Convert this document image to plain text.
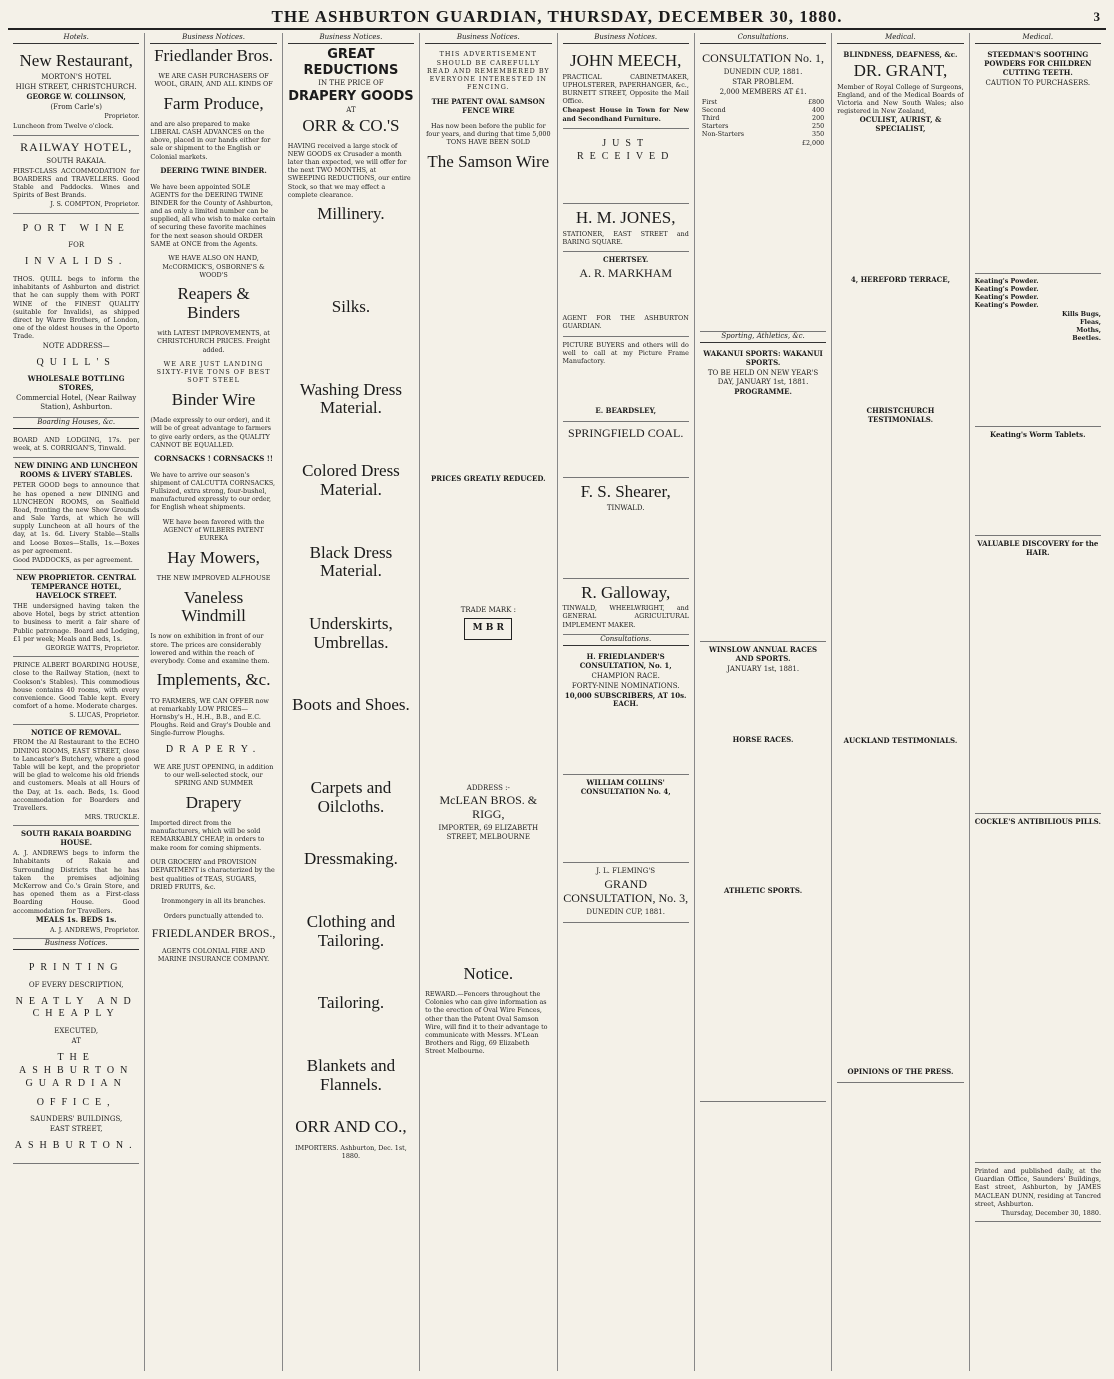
THE ASHBURTON GUARDIAN, THURSDAY, DECEMBER 30, 1880.	3
Hotels.
New Restaurant,
MORTON'S HOTEL
HIGH STREET, CHRISTCHURCH.
GEORGE W. COLLINSON,
(From Carle's)
Proprietor.

Luncheon from Twelve o'clock.

RAILWAY HOTEL,
SOUTH RAKAIA.

FIRST-CLASS ACCOMMODATION for BOARDERS and TRAVELLERS. Good Stable and Paddocks. Wines and Spirits of Best Brands.

J. S. COMPTON, Proprietor.
PORT WINE
FOR
INVALIDS.

THOS. QUILL begs to inform the inhabitants of Ashburton and district that he can supply them with PORT WINE of the FINEST QUALITY (suitable for Invalids), as shipped direct by Warre Brothers, of London, one of the oldest houses in the Oporto Trade.

NOTE ADDRESS—
QUILL'S
WHOLESALE BOTTLING STORES,
Commercial Hotel, (Near Railway Station), Ashburton.
Boarding Houses, &c.

BOARD AND LODGING, 17s. per week, at S. CORRIGAN'S, Tinwald.

NEW DINING AND LUNCHEON ROOMS & LIVERY STABLES.

PETER GOOD begs to announce that he has opened a new DINING and LUNCHEON ROOMS, on Sealfield Road, fronting the new Show Grounds and Sale Yards, at which he will supply Luncheon at all hours of the day, at 1s. 6d. Livery Stable—Stalls and Loose Boxes—Stalls, 1s.—Boxes as per agreement.

Good PADDOCKS, as per agreement.

NEW PROPRIETOR. CENTRAL TEMPERANCE HOTEL, HAVELOCK STREET.

THE undersigned having taken the above Hotel, begs by strict attention to business to merit a fair share of Public patronage. Board and Lodging, £1 per week; Meals and Beds, 1s.

GEORGE WATTS, Proprietor.

PRINCE ALBERT BOARDING HOUSE, close to the Railway Station, (next to Cookson's Stables). This commodious house contains 40 rooms, with every convenience. Good Table kept. Every comfort of a home. Moderate charges.

S. LUCAS, Proprietor.
NOTICE OF REMOVAL.

FROM the Al Restaurant to the ECHO DINING ROOMS, EAST STREET, close to Lancaster's Butchery, where a good Table will be kept, and the proprietor will be glad to welcome his old friends and customers. Meals at all Hours of the Day, at 1s. each. Beds, 1s. Good accommodation for Boarders and Travellers.

MRS. TRUCKLE.
SOUTH RAKAIA BOARDING HOUSE.

A. J. ANDREWS begs to inform the Inhabitants of Rakaia and Surrounding Districts that he has taken the premises adjoining McKerrow and Co.'s Grain Store, and has opened them as a First-class Boarding House. Good accommodation for Travellers.

MEALS 1s. BEDS 1s.
A. J. ANDREWS, Proprietor.
Business Notices.
PRINTING
OF EVERY DESCRIPTION,
NEATLY AND CHEAPLY
EXECUTED,
AT
THE ASHBURTON GUARDIAN
OFFICE,
SAUNDERS' BUILDINGS,
EAST STREET,
ASHBURTON.
Business Notices.
Friedlander Bros.

WE ARE CASH PURCHASERS OF WOOL, GRAIN, AND ALL KINDS OF

Farm Produce,

and are also prepared to make LIBERAL CASH ADVANCES on the above, placed in our hands either for sale or shipment to the English or Colonial markets.

DEERING TWINE BINDER.

We have been appointed SOLE AGENTS for the DEERING TWINE BINDER for the County of Ashburton, and as only a limited number can be supplied, all who wish to make certain of securing these favorite machines for the next season should ORDER SAME at ONCE from the Agents.

WE HAVE ALSO ON HAND, McCORMICK'S, OSBORNE'S & WOOD'S

Reapers & Binders

with LATEST IMPROVEMENTS, at CHRISTCHURCH PRICES. Freight added.

WE ARE JUST LANDING SIXTY-FIVE TONS OF BEST SOFT STEEL

Binder Wire

(Made expressly to our order), and it will be of great advantage to farmers to give early orders, as the QUALITY CANNOT BE EQUALLED.

CORNSACKS ! CORNSACKS !!

We have to arrive our season's shipment of CALCUTTA CORNSACKS, Fullsized, extra strong, four-bushel, manufactured expressly to our order, for English wheat shipments.

WE have been favored with the AGENCY of WILBERS PATENT EUREKA

Hay Mowers,

THE NEW IMPROVED ALFHOUSE

Vaneless Windmill

Is now on exhibition in front of our store. The prices are considerably lowered and within the reach of everybody. Come and examine them.

Implements, &c.

TO FARMERS, WE CAN OFFER now at remarkably LOW PRICES— Hornsby's H., H.H., B.B., and E.C. Ploughs. Reid and Gray's Double and Single-furrow Ploughs.

DRAPERY.

WE ARE JUST OPENING, in addition to our well-selected stock, our SPRING AND SUMMER

Drapery

Imported direct from the manufacturers, which will be sold REMARKABLY CHEAP, in orders to make room for coming shipments.

OUR GROCERY and PROVISION DEPARTMENT is characterized by the best qualities of TEAS, SUGARS, DRIED FRUITS, &c.

Ironmongery in all its branches.

Orders punctually attended to.

FRIEDLANDER BROS.,

AGENTS COLONIAL FIRE AND MARINE INSURANCE COMPANY.

Business Notices.
GREAT REDUCTIONS
IN THE PRICE OF
DRAPERY GOODS
AT
ORR & CO.'S

HAVING received a large stock of NEW GOODS ex Crusader a month later than expected, we will offer for the next TWO MONTHS, at SWEEPING REDUCTIONS, our entire Stock, so that we may effect a complete clearance.

Millinery.
Silks.
Washing Dress Material.
Colored Dress Material.
Black Dress Material.
Underskirts, Umbrellas.
Boots and Shoes.
Carpets and Oilcloths.
Dressmaking.
Clothing and Tailoring.
Tailoring.
Blankets and Flannels.
ORR AND CO.,

IMPORTERS. Ashburton, Dec. 1st, 1880.

Business Notices.

THIS ADVERTISEMENT SHOULD BE CAREFULLY READ AND REMEMBERED BY EVERYONE INTERESTED IN FENCING.

THE PATENT OVAL SAMSON FENCE WIRE

Has now been before the public for four years, and during that time 5,000 TONS HAVE BEEN SOLD

The Samson Wire
PRICES GREATLY REDUCED.
TRADE MARK :
M B R
ADDRESS :-
McLEAN BROS. & RIGG,
IMPORTER, 69 ELIZABETH STREET, MELBOURNE
Notice.

REWARD.—Fencers throughout the Colonies who can give information as to the erection of Oval Wire Fences, other than the Patent Oval Samson Wire, will find it to their advantage to communicate with Messrs. M'Lean Brothers and Rigg, 69 Elizabeth Street Melbourne.

Business Notices.
JOHN MEECH,

PRACTICAL CABINETMAKER, UPHOLSTERER, PAPERHANGER, &c., BURNETT STREET, Opposite the Mail Office.

Cheapest House in Town for New and Secondhand Furniture.

JUST RECEIVED
H. M. JONES,

STATIONER, EAST STREET and BARING SQUARE.

CHERTSEY.
A. R. MARKHAM

AGENT FOR THE ASHBURTON GUARDIAN.

PICTURE BUYERS and others will do well to call at my Picture Frame Manufactory.

E. BEARDSLEY,
SPRINGFIELD COAL.
F. S. Shearer,
TINWALD.
R. Galloway,

TINWALD, WHEELWRIGHT, and GENERAL AGRICULTURAL IMPLEMENT MAKER.

Consultations.
H. FRIEDLANDER'S CONSULTATION, No. 1,
CHAMPION RACE.
FORTY-NINE NOMINATIONS.
10,000 SUBSCRIBERS, AT 10s. EACH.
WILLIAM COLLINS' CONSULTATION No. 4,
J. L. FLEMING'S
GRAND CONSULTATION, No. 3,
DUNEDIN CUP, 1881.
Consultations.
CONSULTATION No. 1,
DUNEDIN CUP, 1881.
STAR PROBLEM.
2,000 MEMBERS AT £1.
First	£800
Second	400
Third	200
Starters	250
Non-Starters	350
	£2,000
Sporting, Athletics, &c.
WAKANUI SPORTS: WAKANUI SPORTS.
TO BE HELD ON NEW YEAR'S DAY, JANUARY 1st, 1881.
PROGRAMME.
WINSLOW ANNUAL RACES AND SPORTS.
JANUARY 1st, 1881.
HORSE RACES.
ATHLETIC SPORTS.
Medical.
BLINDNESS, DEAFNESS, &c.
DR. GRANT,

Member of Royal College of Surgeons, England, and of the Medical Boards of Victoria and New South Wales; also registered in New Zealand,

OCULIST, AURIST, & SPECIALIST,
4, HEREFORD TERRACE,
CHRISTCHURCH TESTIMONIALS.
AUCKLAND TESTIMONIALS.
OPINIONS OF THE PRESS.
Medical.
STEEDMAN'S SOOTHING POWDERS FOR CHILDREN CUTTING TEETH.
CAUTION TO PURCHASERS.
Keating's Powder.
Keating's Powder.
Keating's Powder.
Keating's Powder.
Kills Bugs,
Fleas,
Moths,
Beetles.
Keating's Worm Tablets.
VALUABLE DISCOVERY for the HAIR.
COCKLE'S ANTIBILIOUS PILLS.

Printed and published daily, at the Guardian Office, Saunders' Buildings, East street, Ashburton, by JAMES MACLEAN DUNN, residing at Tancred street, Ashburton.

Thursday, December 30, 1880.
